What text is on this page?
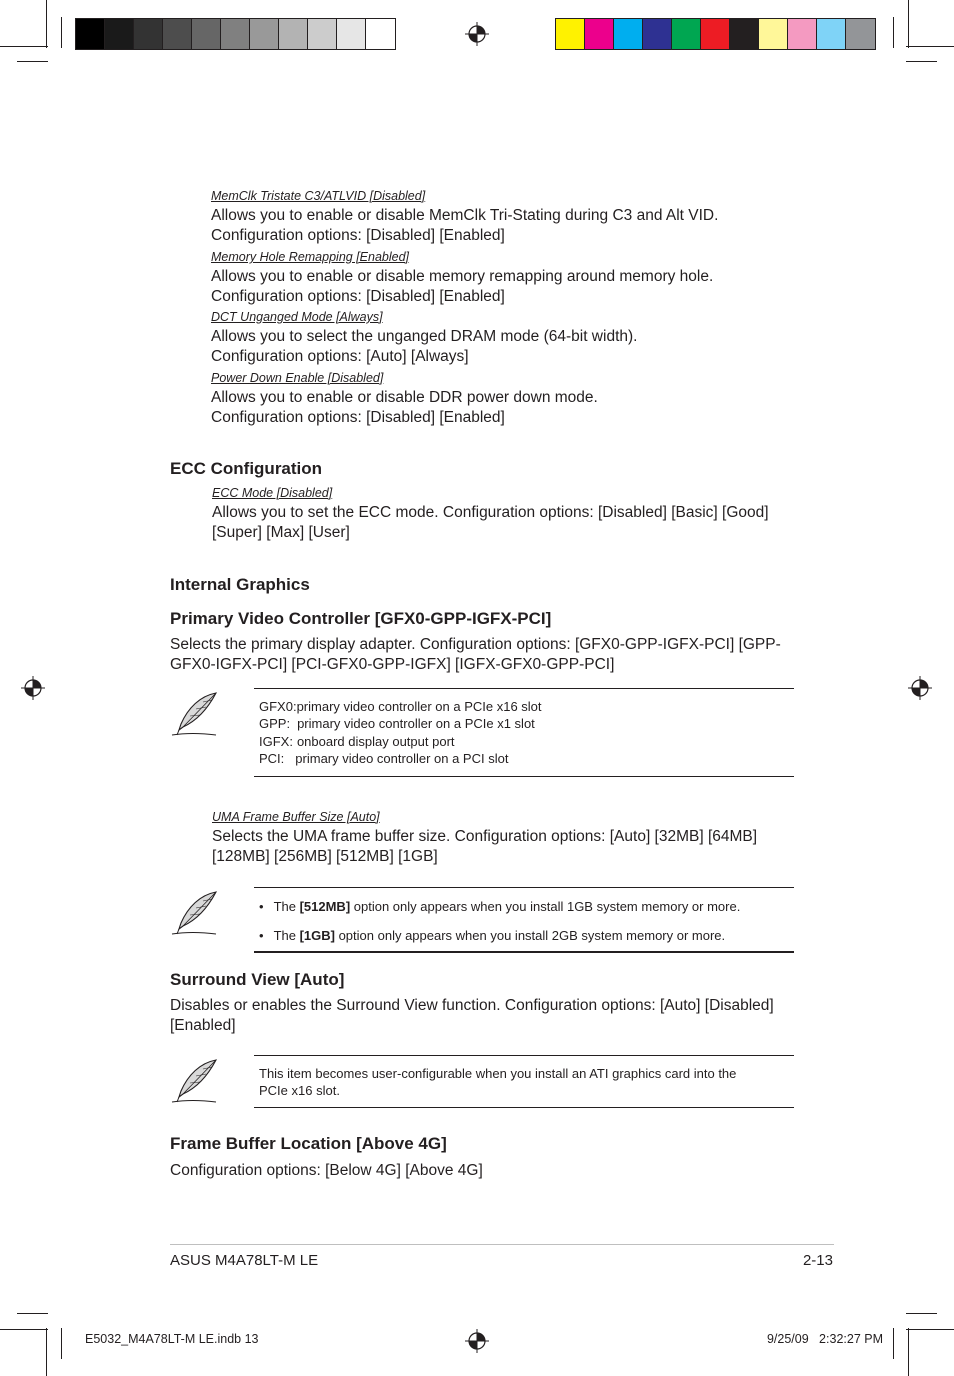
MemClk Tristate C3/ATLVID [Disabled]
Allows you to enable or disable MemClk Tri-Stating during C3 and Alt VID.
Configuration options: [Disabled] [Enabled]
Memory Hole Remapping [Enabled]
Allows you to enable or disable memory remapping around memory hole.
Configuration options: [Disabled] [Enabled]
DCT Unganged Mode [Always]
Allows you to select the unganged DRAM mode (64-bit width).
Configuration options: [Auto] [Always]
Power Down Enable [Disabled]
Allows you to enable or disable DDR power down mode.
Configuration options: [Disabled] [Enabled]
ECC Configuration
ECC Mode [Disabled]
Allows you to set the ECC mode. Configuration options: [Disabled] [Basic] [Good]
[Super] [Max] [User]
Internal Graphics
Primary Video Controller [GFX0-GPP-IGFX-PCI]
Selects the primary display adapter. Configuration options: [GFX0-GPP-IGFX-PCI] [GPP-
GFX0-IGFX-PCI] [PCI-GFX0-GPP-IGFX] [IGFX-GFX0-GPP-PCI]
GFX0:primary video controller on a PCIe x16 slot
GPP: primary video controller on a PCIe x1 slot
IGFX: onboard display output port
PCI: primary video controller on a PCI slot
UMA Frame Buffer Size [Auto]
Selects the UMA frame buffer size. Configuration options: [Auto] [32MB] [64MB]
[128MB] [256MB] [512MB] [1GB]
• The [512MB] option only appears when you install 1GB system memory or more.
• The [1GB] option only appears when you install 2GB system memory or more.
Surround View [Auto]
Disables or enables the Surround View function. Configuration options: [Auto] [Disabled]
[Enabled]
This item becomes user-configurable when you install an ATI graphics card into the
PCIe x16 slot.
Frame Buffer Location [Above 4G]
Configuration options: [Below 4G] [Above 4G]
ASUS M4A78LT-M LE	2-13
E5032_M4A78LT-M LE.indb 13	9/25/09   2:32:27 PM
